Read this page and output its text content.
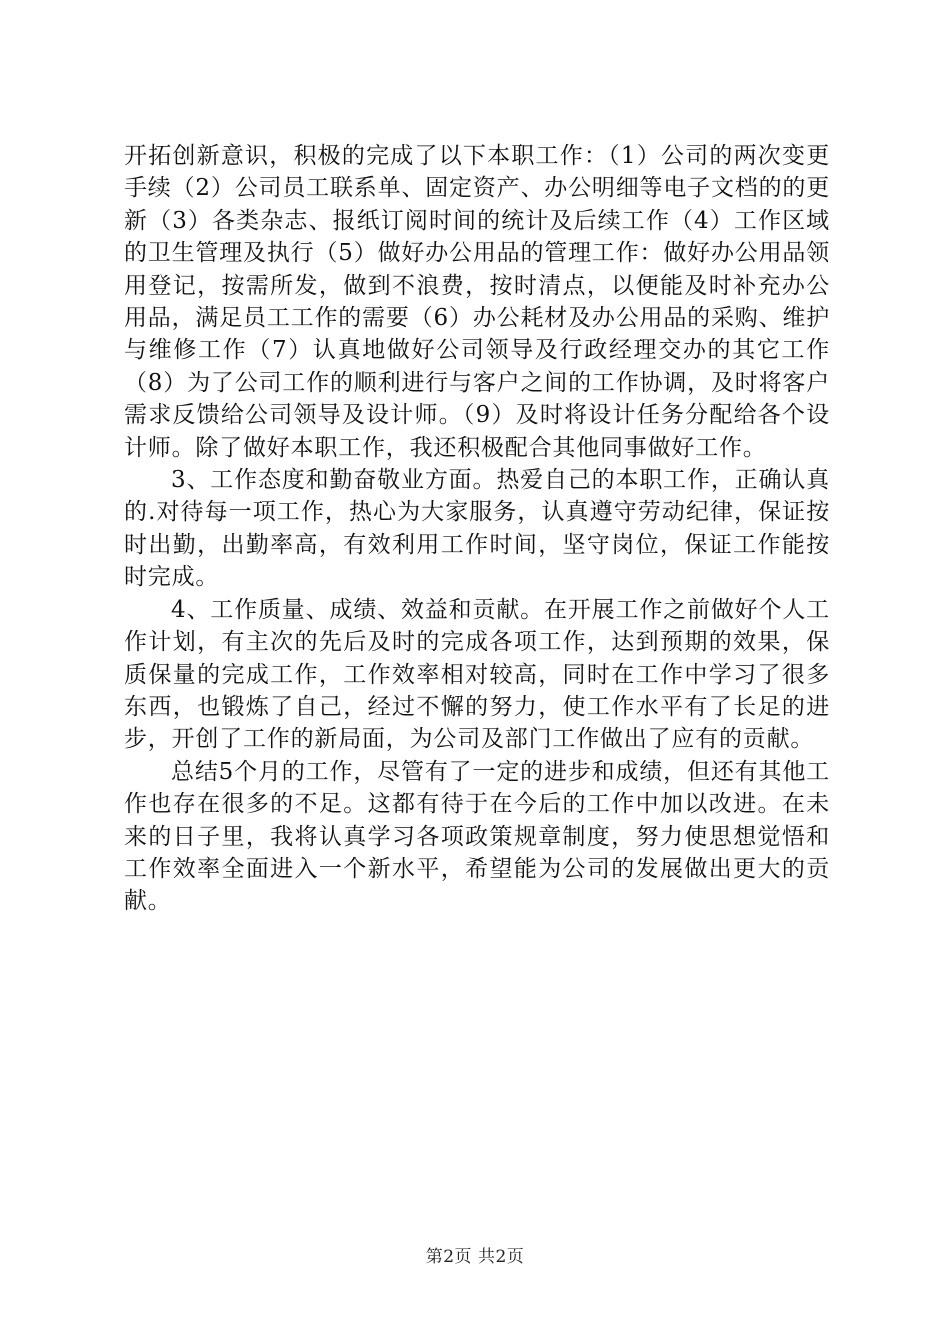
开拓创新意识，积极的完成了以下本职工作：（1）公司的两次变更手续（2）公司员工联系单、固定资产、办公明细等电子文档的的更新（3）各类杂志、报纸订阅时间的统计及后续工作（4）工作区域的卫生管理及执行（5）做好办公用品的管理工作：做好办公用品领用登记，按需所发，做到不浪费，按时清点，以便能及时补充办公用品，满足员工工作的需要（6）办公耗材及办公用品的采购、维护与维修工作（7）认真地做好公司领导及行政经理交办的其它工作（8）为了公司工作的顺利进行与客户之间的工作协调，及时将客户需求反馈给公司领导及设计师。（9）及时将设计任务分配给各个设计师。除了做好本职工作，我还积极配合其他同事做好工作。

3、工作态度和勤奋敬业方面。热爱自己的本职工作，正确认真的.对待每一项工作，热心为大家服务，认真遵守劳动纪律，保证按时出勤，出勤率高，有效利用工作时间，坚守岗位，保证工作能按时完成。

4、工作质量、成绩、效益和贡献。在开展工作之前做好个人工作计划，有主次的先后及时的完成各项工作，达到预期的效果，保质保量的完成工作，工作效率相对较高，同时在工作中学习了很多东西，也锻炼了自己，经过不懈的努力，使工作水平有了长足的进步，开创了工作的新局面，为公司及部门工作做出了应有的贡献。

总结5个月的工作，尽管有了一定的进步和成绩，但还有其他工作也存在很多的不足。这都有待于在今后的工作中加以改进。在未来的日子里，我将认真学习各项政策规章制度，努力使思想觉悟和工作效率全面进入一个新水平，希望能为公司的发展做出更大的贡献。

第2页 共2页
